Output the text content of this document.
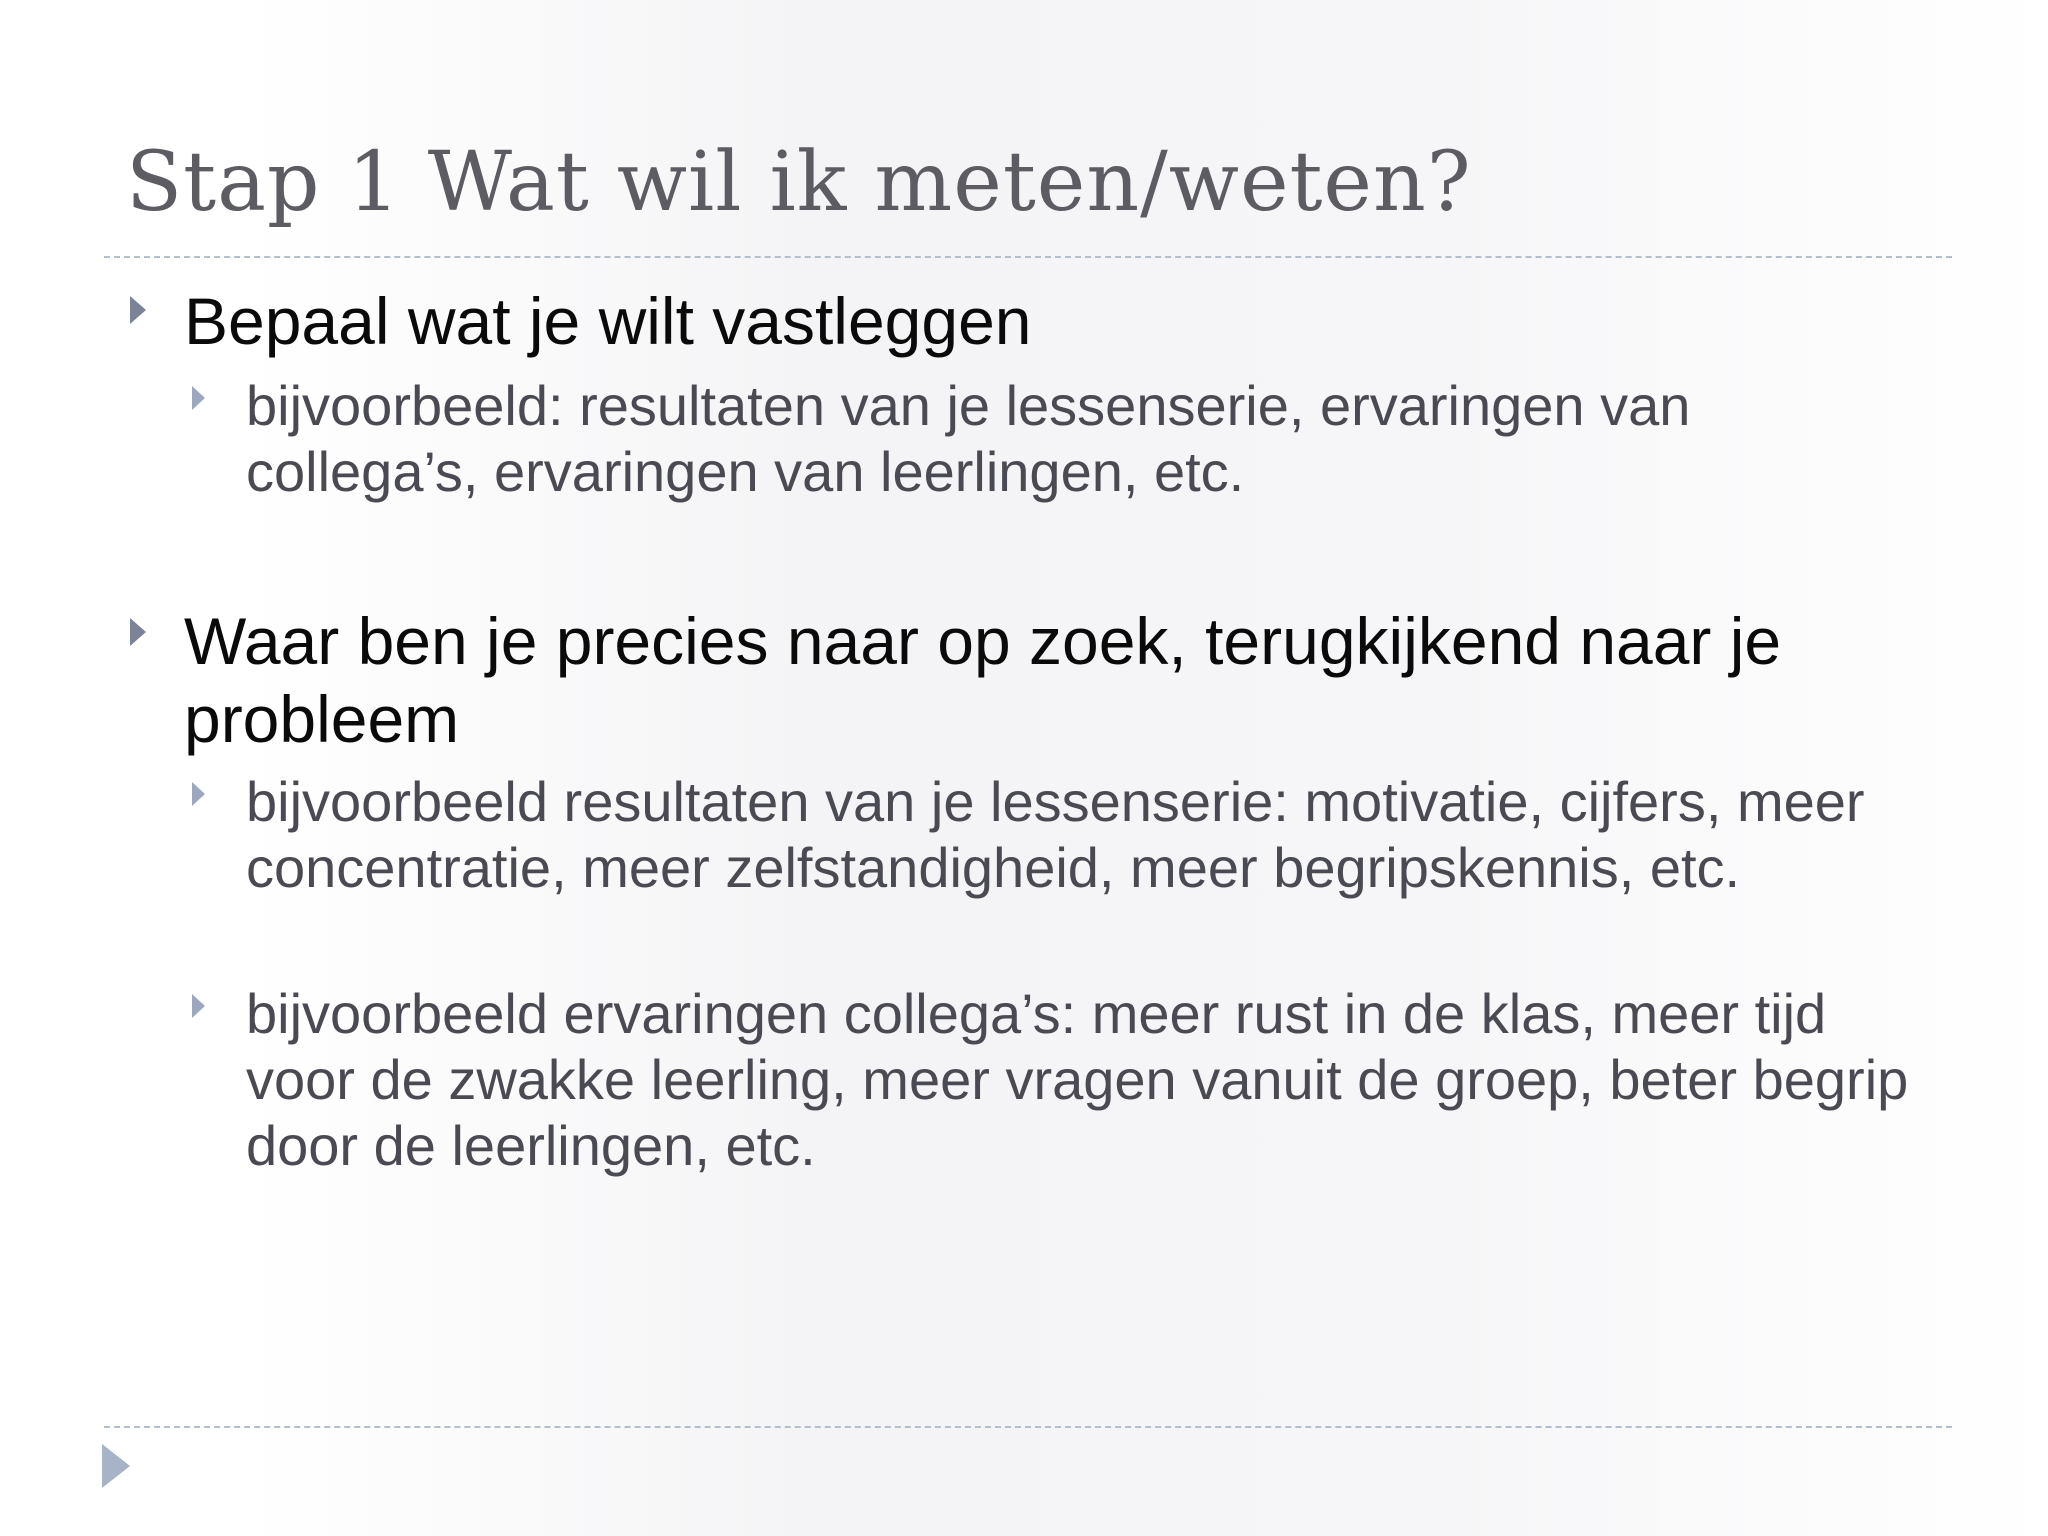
Stap 1 Wat wil ik meten/weten?
Bepaal wat je wilt vastleggen
bijvoorbeeld: resultaten van je lessenserie, ervaringen van collega’s, ervaringen van leerlingen, etc.
Waar ben je precies naar op zoek, terugkijkend naar je probleem
bijvoorbeeld resultaten van je lessenserie: motivatie, cijfers, meer concentratie, meer zelfstandigheid, meer begripskennis, etc.
bijvoorbeeld ervaringen collega’s: meer rust in de klas, meer tijd voor de zwakke leerling, meer vragen vanuit de groep, beter begrip door de leerlingen, etc.
